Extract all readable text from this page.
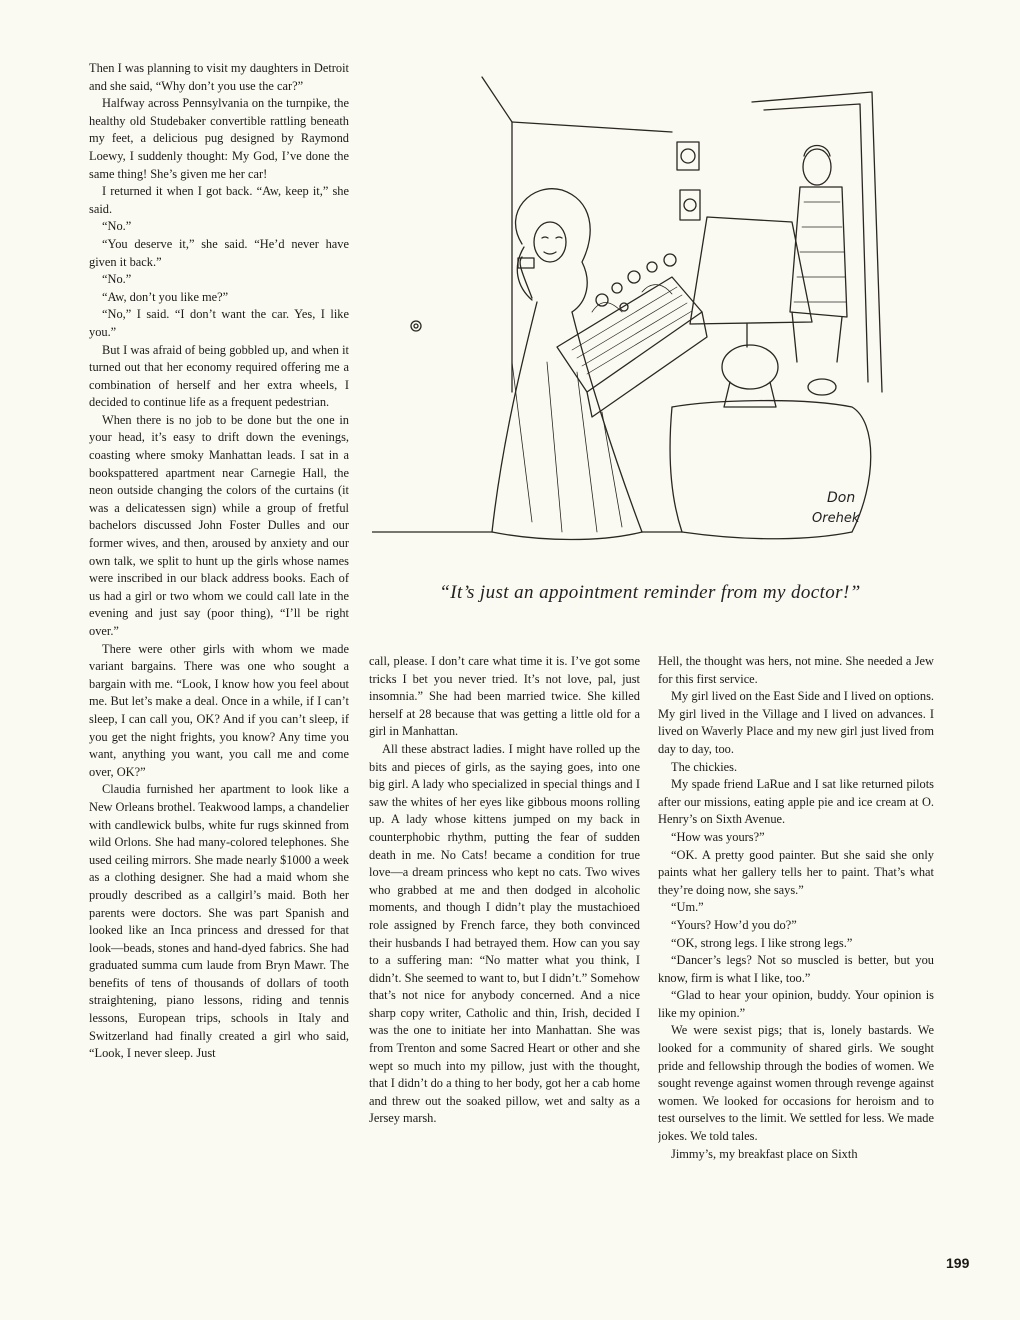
Then I was planning to visit my daughters in Detroit and she said, “Why don’t you use the car?”

Halfway across Pennsylvania on the turnpike, the healthy old Studebaker convertible rattling beneath my feet, a delicious pug designed by Raymond Loewy, I suddenly thought: My God, I’ve done the same thing! She’s given me her car!

I returned it when I got back. “Aw, keep it,” she said.

“No.”

“You deserve it,” she said. “He’d never have given it back.”

“No.”

“Aw, don’t you like me?”

“No,” I said. “I don’t want the car. Yes, I like you.”

But I was afraid of being gobbled up, and when it turned out that her economy required offering me a combination of herself and her extra wheels, I decided to continue life as a frequent pedestrian.

When there is no job to be done but the one in your head, it’s easy to drift down the evenings, coasting where smoky Manhattan leads. I sat in a bookspattered apartment near Carnegie Hall, the neon outside changing the colors of the curtains (it was a delicatessen sign) while a group of fretful bachelors discussed John Foster Dulles and our former wives, and then, aroused by anxiety and our own talk, we split to hunt up the girls whose names were inscribed in our black address books. Each of us had a girl or two whom we could call late in the evening and just say (poor thing), “I’ll be right over.”

There were other girls with whom we made variant bargains. There was one who sought a bargain with me. “Look, I know how you feel about me. But let’s make a deal. Once in a while, if I can’t sleep, I can call you, OK? And if you can’t sleep, if you get the night frights, you know? Any time you want, anything you want, you call me and come over, OK?”

Claudia furnished her apartment to look like a New Orleans brothel. Teakwood lamps, a chandelier with candlewick bulbs, white fur rugs skinned from wild Orlons. She had many-colored telephones. She used ceiling mirrors. She made nearly $1000 a week as a clothing designer. She had a maid whom she proudly described as a callgirl’s maid. Both her parents were doctors. She was part Spanish and looked like an Inca princess and dressed for that look—beads, stones and hand-dyed fabrics. She had graduated summa cum laude from Bryn Mawr. The benefits of tens of thousands of dollars of tooth straightening, piano lessons, riding and tennis lessons, European trips, schools in Italy and Switzerland had finally created a girl who said, “Look, I never sleep. Just

Don
Orehek
“It’s just an appointment reminder from my doctor!”

call, please. I don’t care what time it is. I’ve got some tricks I bet you never tried. It’s not love, pal, just insomnia.” She had been married twice. She killed herself at 28 because that was getting a little old for a girl in Manhattan.

All these abstract ladies. I might have rolled up the bits and pieces of girls, as the saying goes, into one big girl. A lady who specialized in special things and I saw the whites of her eyes like gibbous moons rolling up. A lady whose kittens jumped on my back in counterphobic rhythm, putting the fear of sudden death in me. No Cats! became a condition for true love—a dream princess who kept no cats. Two wives who grabbed at me and then dodged in alcoholic moments, and though I didn’t play the mustachioed role assigned by French farce, they both convinced their husbands I had betrayed them. How can you say to a suffering man: “No matter what you think, I didn’t. She seemed to want to, but I didn’t.” Somehow that’s not nice for anybody concerned. And a nice sharp copy writer, Catholic and thin, Irish, decided I was the one to initiate her into Manhattan. She was from Trenton and some Sacred Heart or other and she wept so much into my pillow, just with the thought, that I didn’t do a thing to her body, got her a cab home and threw out the soaked pillow, wet and salty as a Jersey marsh.

Hell, the thought was hers, not mine. She needed a Jew for this first service.

My girl lived on the East Side and I lived on options. My girl lived in the Village and I lived on advances. I lived on Waverly Place and my new girl just lived from day to day, too.

The chickies.

My spade friend LaRue and I sat like returned pilots after our missions, eating apple pie and ice cream at O. Henry’s on Sixth Avenue.

“How was yours?”

“OK. A pretty good painter. But she said she only paints what her gallery tells her to paint. That’s what they’re doing now, she says.”

“Um.”

“Yours? How’d you do?”

“OK, strong legs. I like strong legs.”

“Dancer’s legs? Not so muscled is better, but you know, firm is what I like, too.”

“Glad to hear your opinion, buddy. Your opinion is like my opinion.”

We were sexist pigs; that is, lonely bastards. We looked for a community of shared girls. We sought pride and fellowship through the bodies of women. We sought revenge against women through revenge against women. We looked for occasions for heroism and to test ourselves to the limit. We settled for less. We made jokes. We told tales.

Jimmy’s, my breakfast place on Sixth

199
